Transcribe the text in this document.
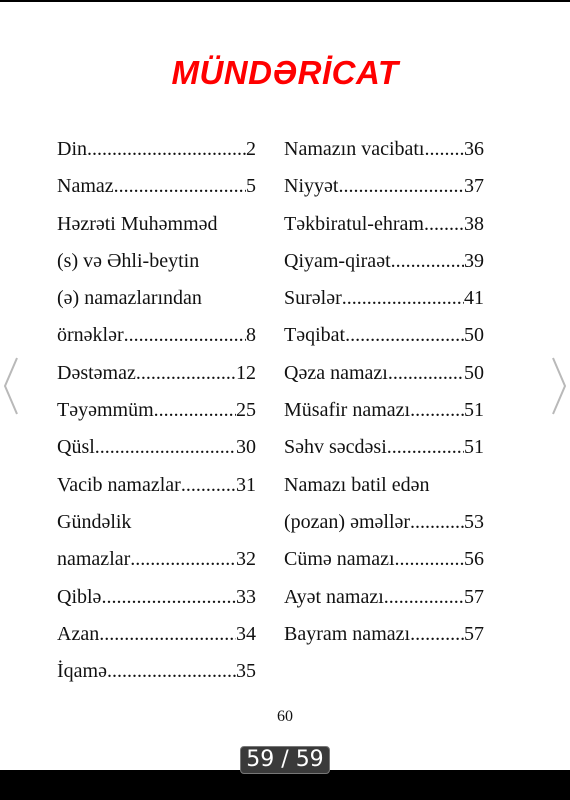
MÜNDƏRİCAT
Din .....	2
Namaz .....	5
Həzrəti Muhəmməd
(s) və Əhli-beytin
(ə) namazlarından
örnəklər .....	8
Dəstəmaz .....	12
Təyəmmüm .....	25
Qüsl .....	30
Vacib namazlar .....	31
Gündəlik
namazlar .....	32
Qiblə .....	33
Azan .....	34
İqamə .....	35
Namazın vacibatı ..... 36
Niyyət .....	37
Təkbiratul-ehram ..... 38
Qiyam-qiraət .....	39
Surələr .....	41
Təqibat .....	50
Qəza namazı .....	50
Müsafir namazı .....	51
Səhv səcdəsi .....	51
Namazı batil edən
(pozan) əməllər .....	53
Cümə namazı .....	56
Ayət namazı .....	57
Bayram namazı .....	57
60
59 / 59
